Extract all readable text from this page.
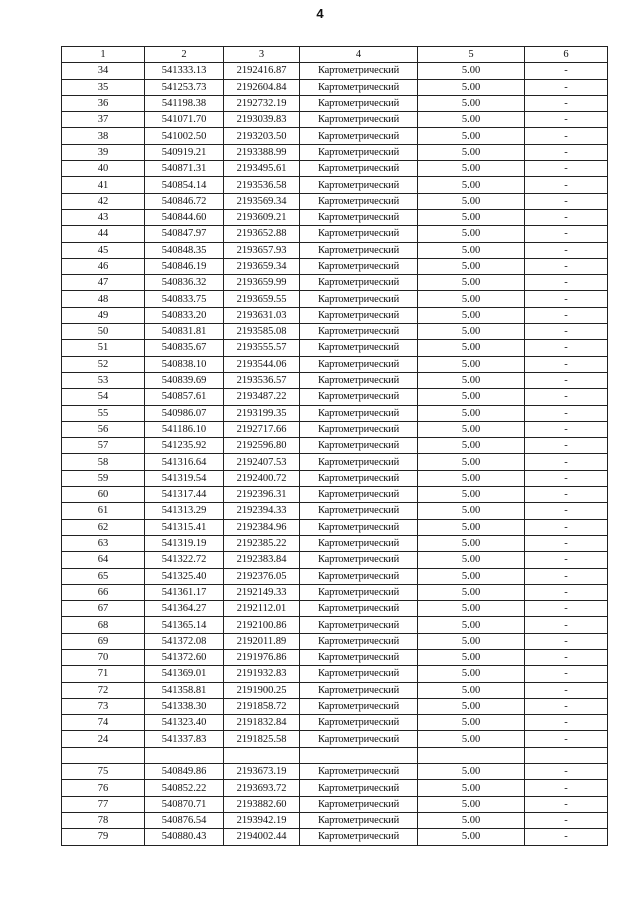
4
1	2	3	4	5	6
34	541333.13	2192416.87	Картометрический	5.00	-
35	541253.73	2192604.84	Картометрический	5.00	-
36	541198.38	2192732.19	Картометрический	5.00	-
37	541071.70	2193039.83	Картометрический	5.00	-
38	541002.50	2193203.50	Картометрический	5.00	-
39	540919.21	2193388.99	Картометрический	5.00	-
40	540871.31	2193495.61	Картометрический	5.00	-
41	540854.14	2193536.58	Картометрический	5.00	-
42	540846.72	2193569.34	Картометрический	5.00	-
43	540844.60	2193609.21	Картометрический	5.00	-
44	540847.97	2193652.88	Картометрический	5.00	-
45	540848.35	2193657.93	Картометрический	5.00	-
46	540846.19	2193659.34	Картометрический	5.00	-
47	540836.32	2193659.99	Картометрический	5.00	-
48	540833.75	2193659.55	Картометрический	5.00	-
49	540833.20	2193631.03	Картометрический	5.00	-
50	540831.81	2193585.08	Картометрический	5.00	-
51	540835.67	2193555.57	Картометрический	5.00	-
52	540838.10	2193544.06	Картометрический	5.00	-
53	540839.69	2193536.57	Картометрический	5.00	-
54	540857.61	2193487.22	Картометрический	5.00	-
55	540986.07	2193199.35	Картометрический	5.00	-
56	541186.10	2192717.66	Картометрический	5.00	-
57	541235.92	2192596.80	Картометрический	5.00	-
58	541316.64	2192407.53	Картометрический	5.00	-
59	541319.54	2192400.72	Картометрический	5.00	-
60	541317.44	2192396.31	Картометрический	5.00	-
61	541313.29	2192394.33	Картометрический	5.00	-
62	541315.41	2192384.96	Картометрический	5.00	-
63	541319.19	2192385.22	Картометрический	5.00	-
64	541322.72	2192383.84	Картометрический	5.00	-
65	541325.40	2192376.05	Картометрический	5.00	-
66	541361.17	2192149.33	Картометрический	5.00	-
67	541364.27	2192112.01	Картометрический	5.00	-
68	541365.14	2192100.86	Картометрический	5.00	-
69	541372.08	2192011.89	Картометрический	5.00	-
70	541372.60	2191976.86	Картометрический	5.00	-
71	541369.01	2191932.83	Картометрический	5.00	-
72	541358.81	2191900.25	Картометрический	5.00	-
73	541338.30	2191858.72	Картометрический	5.00	-
74	541323.40	2191832.84	Картометрический	5.00	-
24	541337.83	2191825.58	Картометрический	5.00	-

75	540849.86	2193673.19	Картометрический	5.00	-
76	540852.22	2193693.72	Картометрический	5.00	-
77	540870.71	2193882.60	Картометрический	5.00	-
78	540876.54	2193942.19	Картометрический	5.00	-
79	540880.43	2194002.44	Картометрический	5.00	-
